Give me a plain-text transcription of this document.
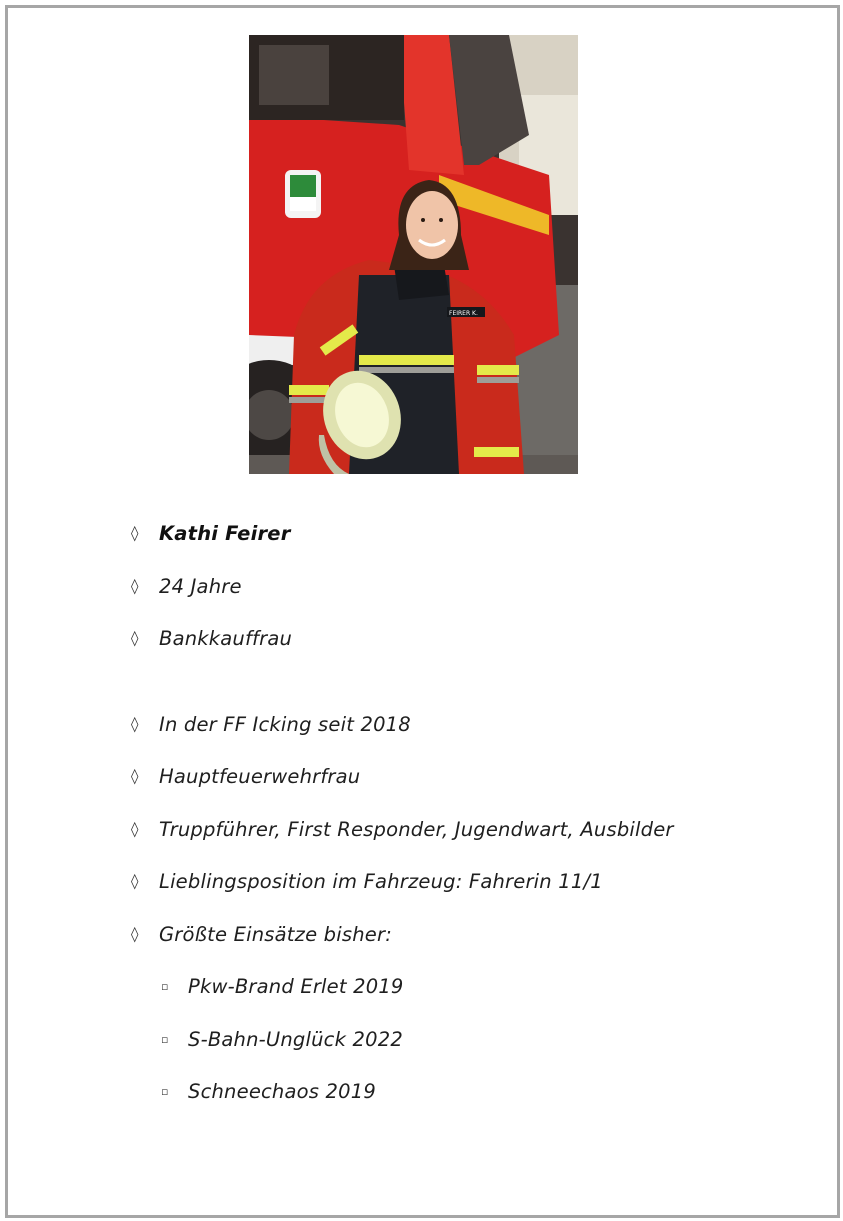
FEIRER K.
◊	Kathi Feirer
◊	24 Jahre
◊	Bankkauffrau
◊	In der FF Icking seit 2018
◊	Hauptfeuerwehrfrau
◊	Truppführer, First Responder, Jugendwart, Ausbilder
◊	Lieblingsposition im Fahrzeug: Fahrerin 11/1
◊	Größte Einsätze bisher:
▫	Pkw-Brand Erlet 2019
▫	S-Bahn-Unglück 2022
▫	Schneechaos 2019
